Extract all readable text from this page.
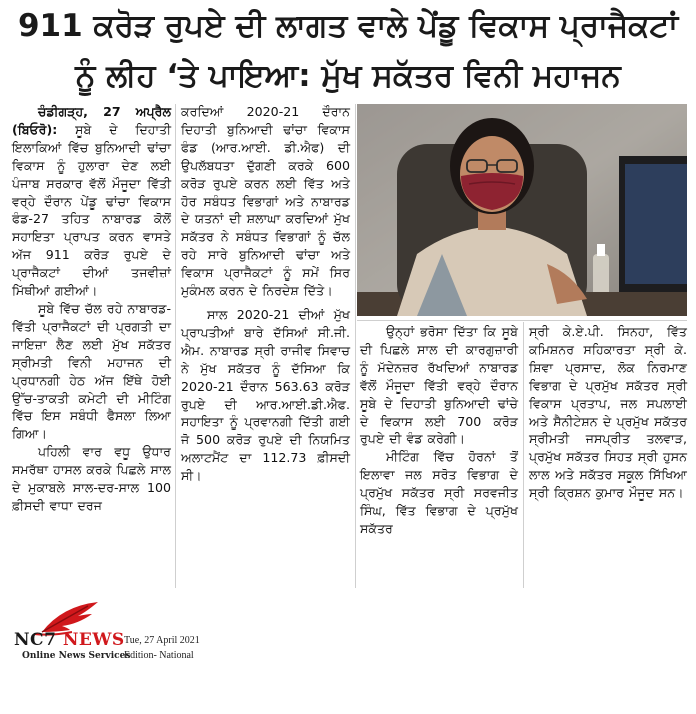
911 ਕਰੋੜ ਰੁਪਏ ਦੀ ਲਾਗਤ ਵਾਲੇ ਪੇਂਡੂ ਵਿਕਾਸ ਪ੍ਰਾਜੈਕਟਾਂ
ਨੂੰ ਲੀਹ ‘ਤੇ ਪਾਇਆ: ਮੁੱਖ ਸਕੱਤਰ ਵਿਨੀ ਮਹਾਜਨ

ਚੰਡੀਗੜ੍ਹ, 27 ਅਪ੍ਰੈਲ (ਬਿਓਰੋ): ਸੂਬੇ ਦੇ ਦਿਹਾਤੀ ਇਲਾਕਿਆਂ ਵਿੱਚ ਬੁਨਿਆਦੀ ਢਾਂਚਾ ਵਿਕਾਸ ਨੂੰ ਹੁਲਾਰਾ ਦੇਣ ਲਈ ਪੰਜਾਬ ਸਰਕਾਰ ਵੱਲੋਂ ਮੌਜੂਦਾ ਵਿੱਤੀ ਵਰ੍ਹੇ ਦੌਰਾਨ ਪੇਂਡੂ ਢਾਂਚਾ ਵਿਕਾਸ ਫੰਡ-27 ਤਹਿਤ ਨਾਬਾਰਡ ਕੋਲੋਂ ਸਹਾਇਤਾ ਪ੍ਰਾਪਤ ਕਰਨ ਵਾਸਤੇ ਅੱਜ 911 ਕਰੋੜ ਰੁਪਏ ਦੇ ਪ੍ਰਾਜੈਕਟਾਂ ਦੀਆਂ ਤਜਵੀਜ਼ਾਂ ਮਿੱਥੀਆਂ ਗਈਆਂ।

ਸੂਬੇ ਵਿੱਚ ਚੱਲ ਰਹੇ ਨਾਬਾਰਡ-ਵਿੱਤੀ ਪ੍ਰਾਜੈਕਟਾਂ ਦੀ ਪ੍ਰਗਤੀ ਦਾ ਜਾਇਜ਼ਾ ਲੈਣ ਲਈ ਮੁੱਖ ਸਕੱਤਰ ਸ੍ਰੀਮਤੀ ਵਿਨੀ ਮਹਾਜਨ ਦੀ ਪ੍ਰਧਾਨਗੀ ਹੇਠ ਅੱਜ ਇੱਥੇ ਹੋਈ ਉੱਚ-ਤਾਕਤੀ ਕਮੇਟੀ ਦੀ ਮੀਟਿੰਗ ਵਿੱਚ ਇਸ ਸਬੰਧੀ ਫੈਸਲਾ ਲਿਆ ਗਿਆ।

ਪਹਿਲੀ ਵਾਰ ਵਧੂ ਉਧਾਰ ਸਮਰੱਥਾ ਹਾਸਲ ਕਰਕੇ ਪਿਛਲੇ ਸਾਲ ਦੇ ਮੁਕਾਬਲੇ ਸਾਲ-ਦਰ-ਸਾਲ 100 ਫ਼ੀਸਦੀ ਵਾਧਾ ਦਰਜ

ਕਰਦਿਆਂ 2020-21 ਦੌਰਾਨ ਦਿਹਾਤੀ ਬੁਨਿਆਦੀ ਢਾਂਚਾ ਵਿਕਾਸ ਫੰਡ (ਆਰ.ਆਈ. ਡੀ.ਐਫ) ਦੀ ਉਪਲੱਬਧਤਾ ਦੁੱਗਣੀ ਕਰਕੇ 600 ਕਰੋੜ ਰੁਪਏ ਕਰਨ ਲਈ ਵਿੱਤ ਅਤੇ ਹੋਰ ਸਬੰਧਤ ਵਿਭਾਗਾਂ ਅਤੇ ਨਾਬਾਰਡ ਦੇ ਯਤਨਾਂ ਦੀ ਸ਼ਲਾਘਾ ਕਰਦਿਆਂ ਮੁੱਖ ਸਕੱਤਰ ਨੇ ਸਬੰਧਤ ਵਿਭਾਗਾਂ ਨੂੰ ਚੱਲ ਰਹੇ ਸਾਰੇ ਬੁਨਿਆਦੀ ਢਾਂਚਾ ਅਤੇ ਵਿਕਾਸ ਪ੍ਰਾਜੈਕਟਾਂ ਨੂੰ ਸਮੇਂ ਸਿਰ ਮੁਕੰਮਲ ਕਰਨ ਦੇ ਨਿਰਦੇਸ਼ ਦਿੱਤੇ।

ਸਾਲ 2020-21 ਦੀਆਂ ਮੁੱਖ ਪ੍ਰਾਪਤੀਆਂ ਬਾਰੇ ਦੱਸਿਆਂ ਸੀ.ਜੀ. ਐਮ. ਨਾਬਾਰਡ ਸ੍ਰੀ ਰਾਜੀਵ ਸਿਵਾਚ ਨੇ ਮੁੱਖ ਸਕੱਤਰ ਨੂੰ ਦੱਸਿਆ ਕਿ 2020-21 ਦੌਰਾਨ 563.63 ਕਰੋੜ ਰੁਪਏ ਦੀ ਆਰ.ਆਈ.ਡੀ.ਐਫ. ਸਹਾਇਤਾ ਨੂੰ ਪ੍ਰਵਾਨਗੀ ਦਿੱਤੀ ਗਈ ਜੋ 500 ਕਰੋੜ ਰੁਪਏ ਦੀ ਨਿਯਮਿਤ ਅਲਾਟਮੈਂਟ ਦਾ 112.73 ਫ਼ੀਸਦੀ ਸੀ।

ਉਨ੍ਹਾਂ ਭਰੋਸਾ ਦਿੱਤਾ ਕਿ ਸੂਬੇ ਦੀ ਪਿਛਲੇ ਸਾਲ ਦੀ ਕਾਰਗੁਜ਼ਾਰੀ ਨੂੰ ਮੱਦੇਨਜ਼ਰ ਰੱਖਦਿਆਂ ਨਾਬਾਰਡ ਵੱਲੋਂ ਮੌਜੂਦਾ ਵਿੱਤੀ ਵਰ੍ਹੇ ਦੌਰਾਨ ਸੂਬੇ ਦੇ ਦਿਹਾਤੀ ਬੁਨਿਆਦੀ ਢਾਂਚੇ ਦੇ ਵਿਕਾਸ ਲਈ 700 ਕਰੋੜ ਰੁਪਏ ਦੀ ਵੰਡ ਕਰੇਗੀ।

ਮੀਟਿੰਗ ਵਿੱਚ ਹੋਰਨਾਂ ਤੋਂ ਇਲਾਵਾ ਜਲ ਸਰੋਤ ਵਿਭਾਗ ਦੇ ਪ੍ਰਮੁੱਖ ਸਕੱਤਰ ਸ੍ਰੀ ਸਰਵਜੀਤ ਸਿੰਘ, ਵਿੱਤ ਵਿਭਾਗ ਦੇ ਪ੍ਰਮੁੱਖ ਸਕੱਤਰ

ਸ੍ਰੀ ਕੇ.ਏ.ਪੀ. ਸਿਨਹਾ, ਵਿੱਤ ਕਮਿਸ਼ਨਰ ਸਹਿਕਾਰਤਾ ਸ੍ਰੀ ਕੇ. ਸ਼ਿਵਾ ਪ੍ਰਸਾਦ, ਲੋਕ ਨਿਰਮਾਣ ਵਿਭਾਗ ਦੇ ਪ੍ਰਮੁੱਖ ਸਕੱਤਰ ਸ੍ਰੀ ਵਿਕਾਸ ਪ੍ਰਤਾਪ, ਜਲ ਸਪਲਾਈ ਅਤੇ ਸੈਨੀਟੇਸ਼ਨ ਦੇ ਪ੍ਰਮੁੱਖ ਸਕੱਤਰ ਸ੍ਰੀਮਤੀ ਜਸਪ੍ਰੀਤ ਤਲਵਾੜ, ਪ੍ਰਮੁੱਖ ਸਕੱਤਰ ਸਿਹਤ ਸ੍ਰੀ ਹੁਸਨ ਲਾਲ ਅਤੇ ਸਕੱਤਰ ਸਕੂਲ ਸਿੱਖਿਆ ਸ੍ਰੀ ਕ੍ਰਿਸ਼ਨ ਕੁਮਾਰ ਮੌਜੂਦ ਸਨ।

NC7 NEWS
Online News Services
Tue, 27 April 2021
Edition- National
